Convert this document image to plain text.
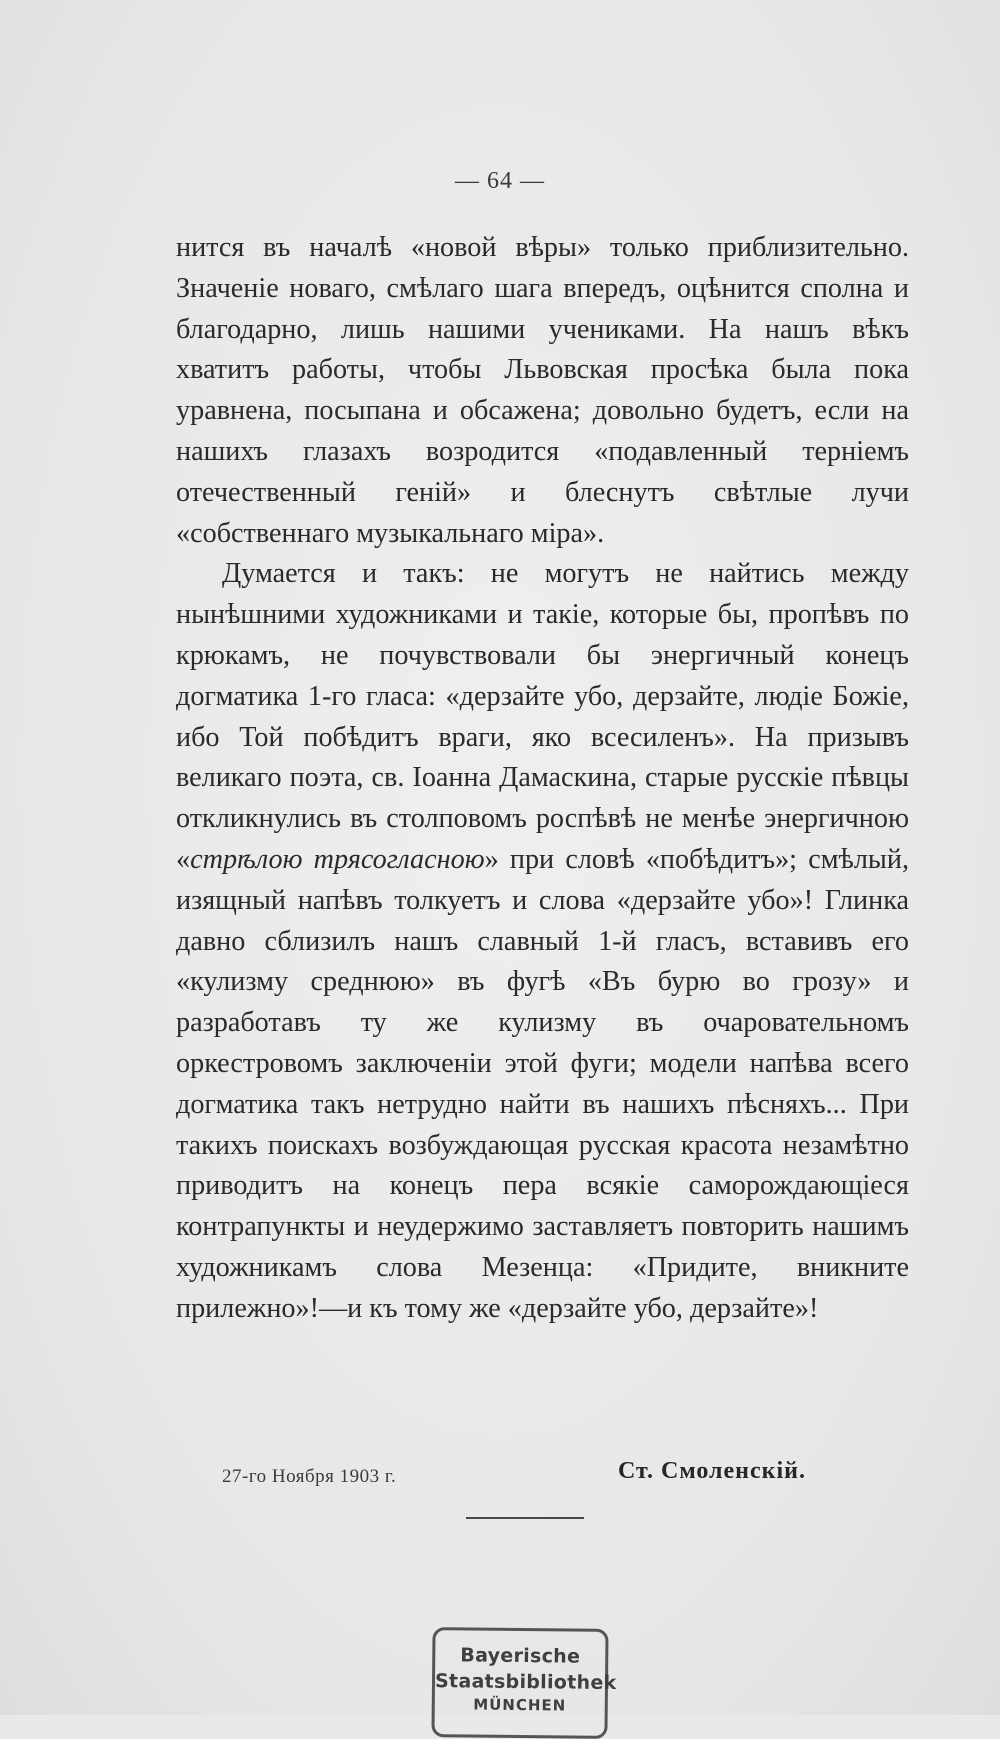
— 64 —

нится въ началѣ «новой вѣры» только приблизительно. Значеніе новаго, смѣлаго шага впередъ, оцѣнится сполна и благодарно, лишь нашими учениками. На нашъ вѣкъ хватитъ работы, чтобы Львовская просѣка была пока уравнена, посыпана и обсажена; довольно будетъ, если на нашихъ глазахъ возродится «подавленный терніемъ отечественный геній» и блеснутъ свѣтлые лучи «собственнаго музыкальнаго міра».

Думается и такъ: не могутъ не найтись между нынѣшними художниками и такіе, которые бы, пропѣвъ по крюкамъ, не почувствовали бы энергичный конецъ догматика 1-го гласа: «дерзайте убо, дерзайте, людіе Божіе, ибо Той побѣдитъ враги, яко всесиленъ». На призывъ великаго поэта, св. Іоанна Дамаскина, старые русскіе пѣвцы откликнулись въ столповомъ роспѣвѣ не менѣе энергичною «стрѣлою трясогласною» при словѣ «побѣдитъ»; смѣлый, изящный напѣвъ толкуетъ и слова «дерзайте убо»! Глинка давно сблизилъ нашъ славный 1-й гласъ, вставивъ его «кулизму среднюю» въ фугѣ «Въ бурю во грозу» и разработавъ ту же кулизму въ очаровательномъ оркестровомъ заключеніи этой фуги; модели напѣва всего догматика такъ нетрудно найти въ нашихъ пѣсняхъ... При такихъ поискахъ возбуждающая русская красота незамѣтно приводитъ на конецъ пера всякіе саморождающіеся контрапункты и неудержимо заставляетъ повторить нашимъ художникамъ слова Мезенца: «Придите, вникните прилежно»!—и къ тому же «дерзайте убо, дерзайте»!

27-го Ноября 1903 г.	Ст. Смоленскій.
Bayerische
Staatsbibliothek
MÜNCHEN
